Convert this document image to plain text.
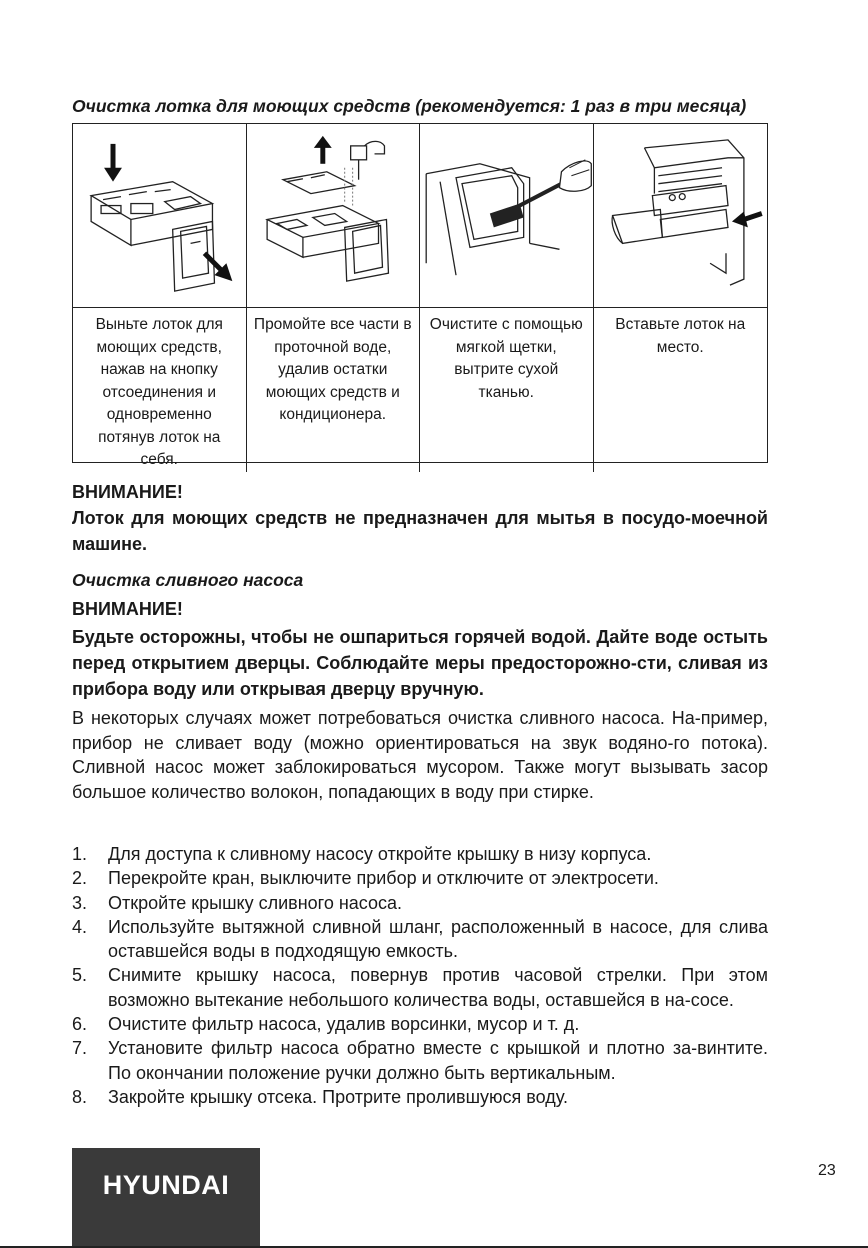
Очистка лотка для моющих средств (рекомендуется: 1 раз в три месяца)
Выньте лоток для моющих средств, нажав на кнопку отсоединения и одновременно потянув лоток на себя.
Промойте все части в проточной воде, удалив остатки моющих средств и кондиционера.
Очистите с помощью мягкой щетки, вытрите сухой тканью.
Вставьте лоток на место.
ВНИМАНИЕ!
Лоток для моющих средств не предназначен для мытья в посудо-моечной машине.
Очистка сливного насоса
ВНИМАНИЕ!
Будьте осторожны, чтобы не ошпариться горячей водой. Дайте воде остыть перед открытием дверцы. Соблюдайте меры предосторожно-сти, сливая из прибора воду или открывая дверцу вручную.
В некоторых случаях может потребоваться очистка сливного насоса. На-пример, прибор не сливает воду (можно ориентироваться на звук водяно-го потока). Сливной насос может заблокироваться мусором. Также могут вызывать засор большое количество волокон, попадающих в воду при стирке.
1. Для доступа к сливному насосу откройте крышку в низу корпуса.
2. Перекройте кран, выключите прибор и отключите от электросети.
3. Откройте крышку сливного насоса.
4. Используйте вытяжной сливной шланг, расположенный в насосе, для слива оставшейся воды в подходящую емкость.
5. Снимите крышку насоса, повернув против часовой стрелки. При этом возможно вытекание небольшого количества воды, оставшейся в на-сосе.
6. Очистите фильтр насоса, удалив ворсинки, мусор и т. д.
7. Установите фильтр насоса обратно вместе с крышкой и плотно за-винтите. По окончании положение ручки должно быть вертикальным.
8. Закройте крышку отсека. Протрите пролившуюся воду.
23
HYUNDAI
